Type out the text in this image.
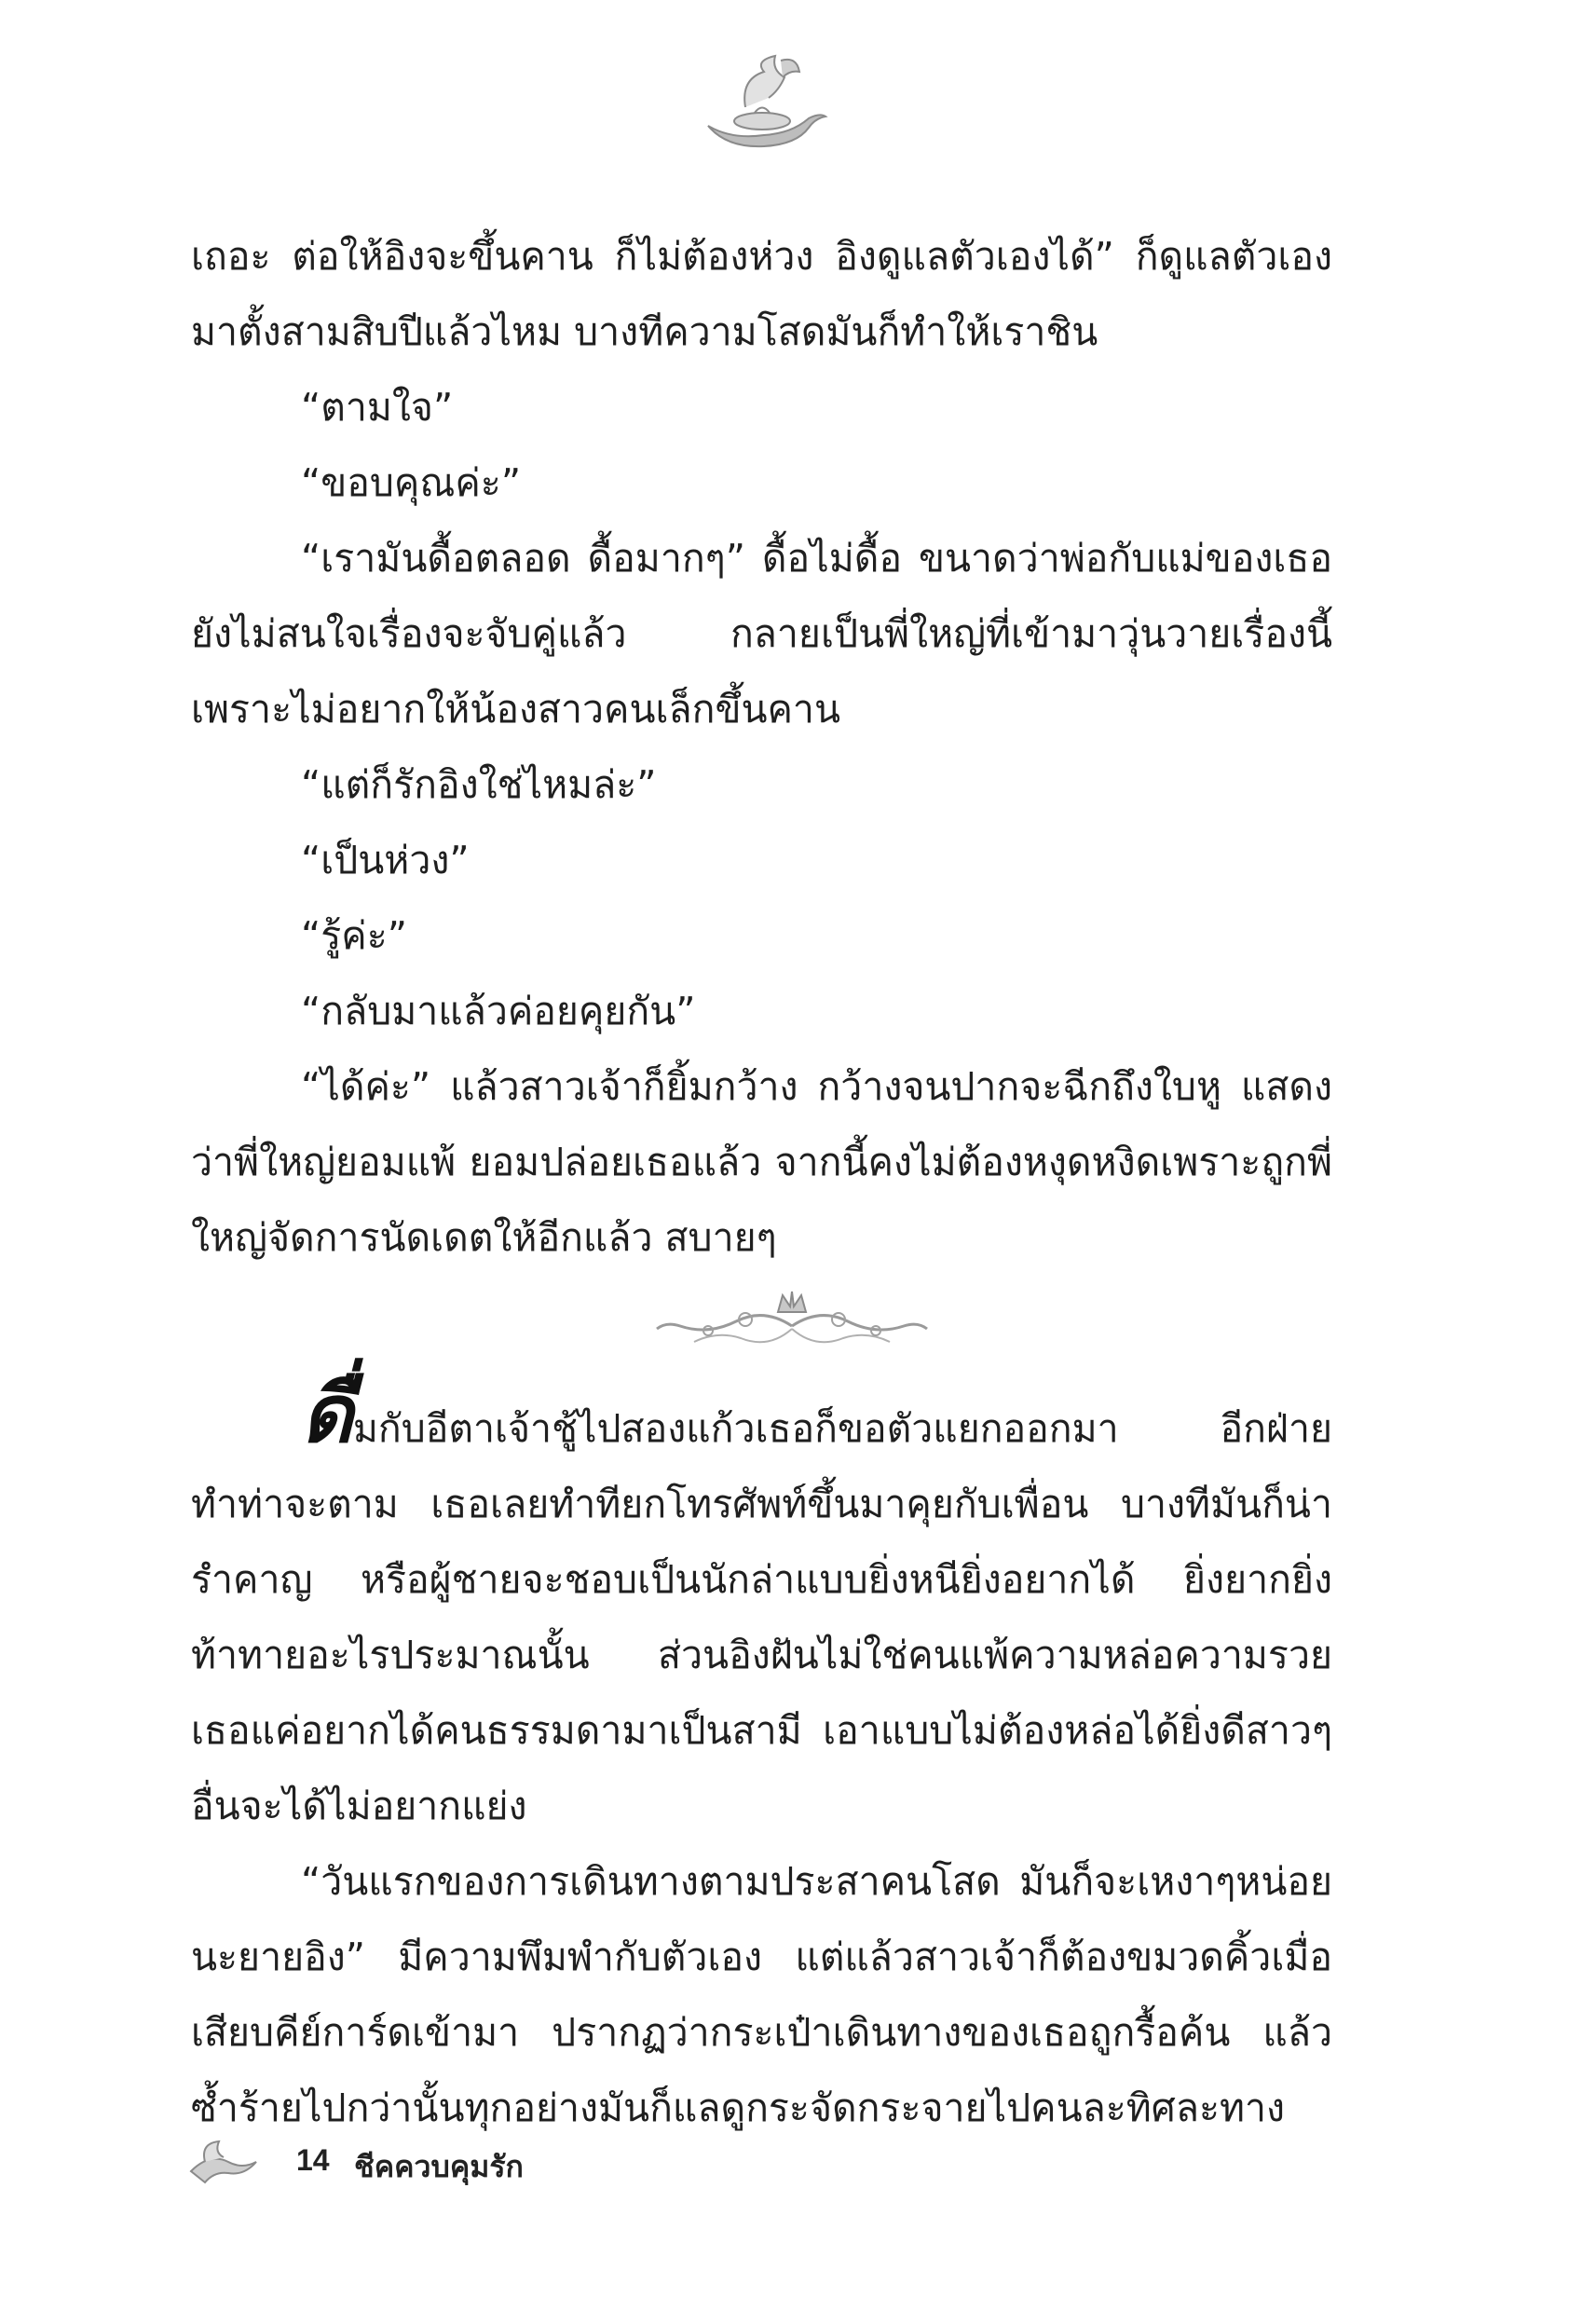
เถอะ ต่อให้อิงจะขึ้นคาน ก็ไม่ต้องห่วง อิงดูแลตัวเองได้” ก็ดูแลตัวเอง มาตั้งสามสิบปีแล้วไหม บางทีความโสดมันก็ทำให้เราชิน

“ตามใจ”

“ขอบคุณค่ะ”

“เรามันดื้อตลอด ดื้อมากๆ” ดื้อไม่ดื้อ ขนาดว่าพ่อกับแม่ของเธอยังไม่สนใจเรื่องจะจับคู่แล้ว กลายเป็นพี่ใหญ่ที่เข้ามาวุ่นวายเรื่องนี้เพราะไม่อยากให้น้องสาวคนเล็กขึ้นคาน

“แต่ก็รักอิงใช่ไหมล่ะ”

“เป็นห่วง”

“รู้ค่ะ”

“กลับมาแล้วค่อยคุยกัน”

“ได้ค่ะ” แล้วสาวเจ้าก็ยิ้มกว้าง กว้างจนปากจะฉีกถึงใบหู แสดงว่าพี่ใหญ่ยอมแพ้ ยอมปล่อยเธอแล้ว จากนี้คงไม่ต้องหงุดหงิดเพราะถูกพี่ใหญ่จัดการนัดเดตให้อีกแล้ว สบายๆ

ดื่มกับอีตาเจ้าชู้ไปสองแก้วเธอก็ขอตัวแยกออกมา อีกฝ่ายทำท่าจะตาม เธอเลยทำทียกโทรศัพท์ขึ้นมาคุยกับเพื่อน บางทีมันก็น่ารำคาญ หรือผู้ชายจะชอบเป็นนักล่าแบบยิ่งหนียิ่งอยากได้ ยิ่งยากยิ่งท้าทายอะไรประมาณนั้น ส่วนอิงฝันไม่ใช่คนแพ้ความหล่อความรวยเธอแค่อยากได้คนธรรมดามาเป็นสามี เอาแบบไม่ต้องหล่อได้ยิ่งดีสาวๆ อื่นจะได้ไม่อยากแย่ง

“วันแรกของการเดินทางตามประสาคนโสด มันก็จะเหงาๆหน่อยนะยายอิง” มีความพึมพำกับตัวเอง แต่แล้วสาวเจ้าก็ต้องขมวดคิ้วเมื่อเสียบคีย์การ์ดเข้ามา ปรากฏว่ากระเป๋าเดินทางของเธอถูกรื้อค้น แล้วซ้ำร้ายไปกว่านั้นทุกอย่างมันก็แลดูกระจัดกระจายไปคนละทิศละทาง

14 ชีคควบคุมรัก
